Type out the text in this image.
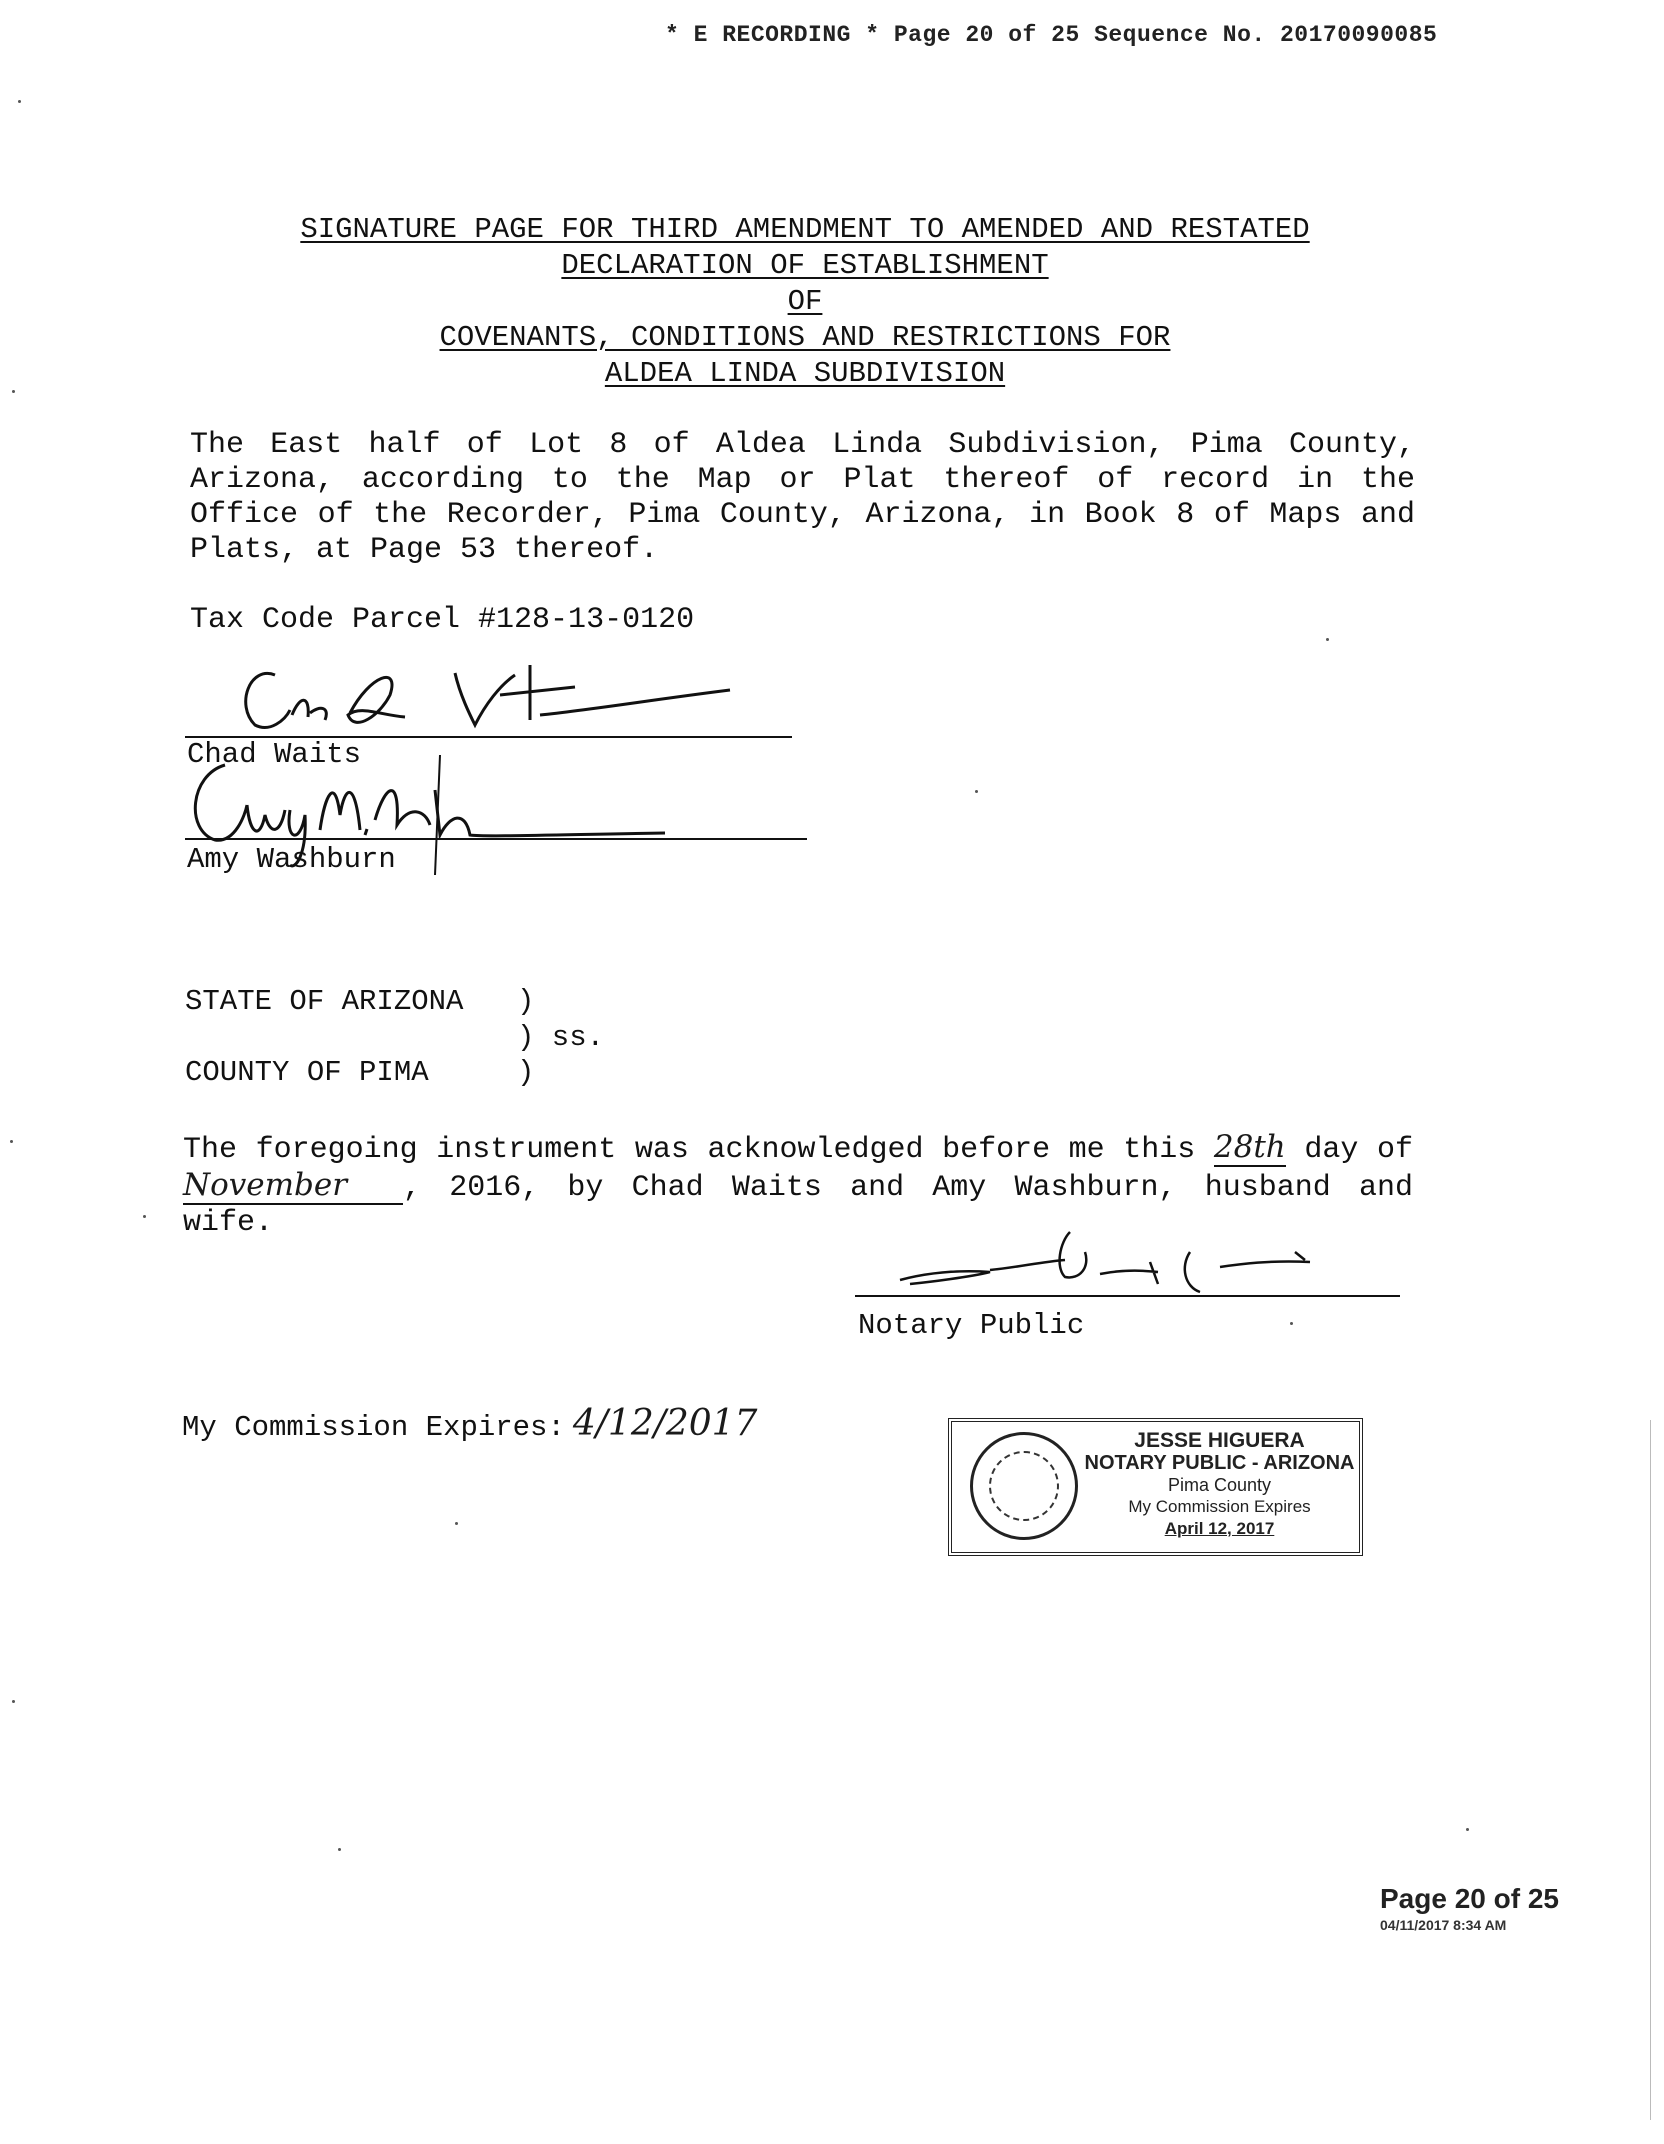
* E RECORDING * Page 20 of 25 Sequence No. 20170090085
SIGNATURE PAGE FOR THIRD AMENDMENT TO AMENDED AND RESTATED
DECLARATION OF ESTABLISHMENT
OF
COVENANTS, CONDITIONS AND RESTRICTIONS FOR
ALDEA LINDA SUBDIVISION
The East half of Lot 8 of Aldea Linda Subdivision, Pima County, Arizona, according to the Map or Plat thereof of record in the Office of the Recorder, Pima County, Arizona, in Book 8 of Maps and Plats, at Page 53 thereof.
Tax Code Parcel #128-13-0120
Chad Waits
Amy Washburn
STATE OF ARIZONA )
) ss.
COUNTY OF PIMA	)
The foregoing instrument was acknowledged before me this 28th day of November , 2016, by Chad Waits and Amy Washburn, husband and wife.
Notary Public
My Commission Expires: 4/12/2017	JESSE HIGUERA
NOTARY PUBLIC - ARIZONA
Pima County
My Commission Expires
April 12, 2017
Page 20 of 25
04/11/2017 8:34 AM
